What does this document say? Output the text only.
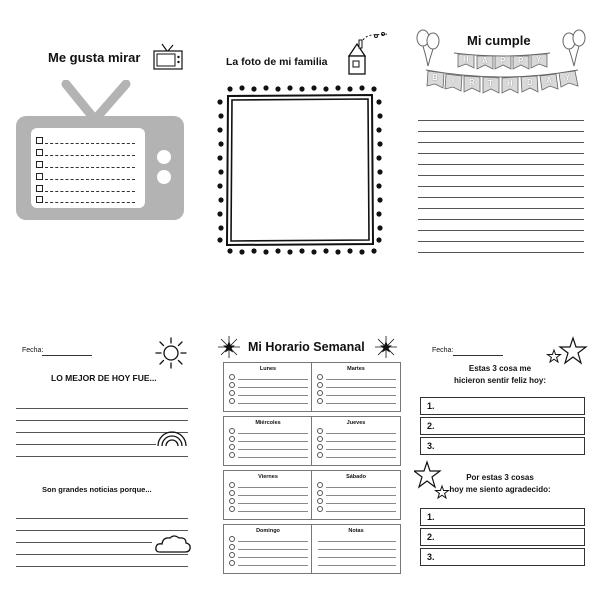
Me gusta mirar	La foto de mi familia
Mi cumple
H A P P Y
B I R T H D A Y
Fecha:
LO MEJOR DE HOY FUE...
Son grandes noticias porque...
Mi Horario Semanal
Lunes	Martes
Miércoles	Jueves
Viernes	Sábado
Domingo	Notas
Fecha:
Estas 3 cosa me
hicieron sentir feliz hoy:
1.
2.
3.
Por estas 3 cosas
hoy me siento agradecido:
1.
2.
3.
